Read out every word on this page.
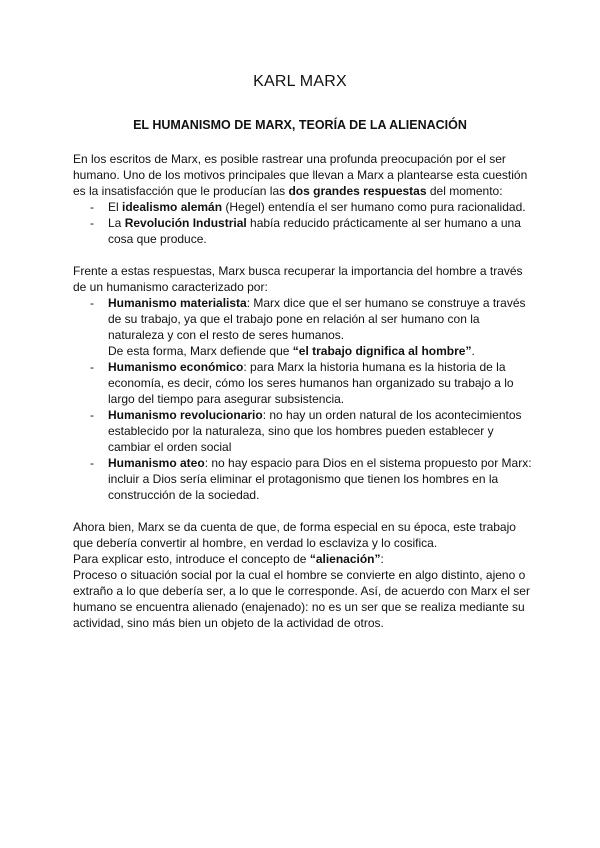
KARL MARX
EL HUMANISMO DE MARX, TEORÍA DE LA ALIENACIÓN

En los escritos de Marx, es posible rastrear una profunda preocupación por el ser humano. Uno de los motivos principales que llevan a Marx a plantearse esta cuestión es la insatisfacción que le producían las dos grandes respuestas del momento:

- El idealismo alemán (Hegel) entendía el ser humano como pura racionalidad.
- La Revolución Industrial había reducido prácticamente al ser humano a una cosa que produce.

Frente a estas respuestas, Marx busca recuperar la importancia del hombre a través de un humanismo caracterizado por:

- Humanismo materialista: Marx dice que el ser humano se construye a través de su trabajo, ya que el trabajo pone en relación al ser humano con la naturaleza y con el resto de seres humanos.
De esta forma, Marx defiende que “el trabajo dignifica al hombre”.
- Humanismo económico: para Marx la historia humana es la historia de la economía, es decir, cómo los seres humanos han organizado su trabajo a lo largo del tiempo para asegurar subsistencia.
- Humanismo revolucionario: no hay un orden natural de los acontecimientos establecido por la naturaleza, sino que los hombres pueden establecer y cambiar el orden social
- Humanismo ateo: no hay espacio para Dios en el sistema propuesto por Marx: incluir a Dios sería eliminar el protagonismo que tienen los hombres en la construcción de la sociedad.

Ahora bien, Marx se da cuenta de que, de forma especial en su época, este trabajo que debería convertir al hombre, en verdad lo esclaviza y lo cosifica.

Para explicar esto, introduce el concepto de “alienación”:

Proceso o situación social por la cual el hombre se convierte en algo distinto, ajeno o extraño a lo que debería ser, a lo que le corresponde. Así, de acuerdo con Marx el ser humano se encuentra alienado (enajenado): no es un ser que se realiza mediante su actividad, sino más bien un objeto de la actividad de otros.
